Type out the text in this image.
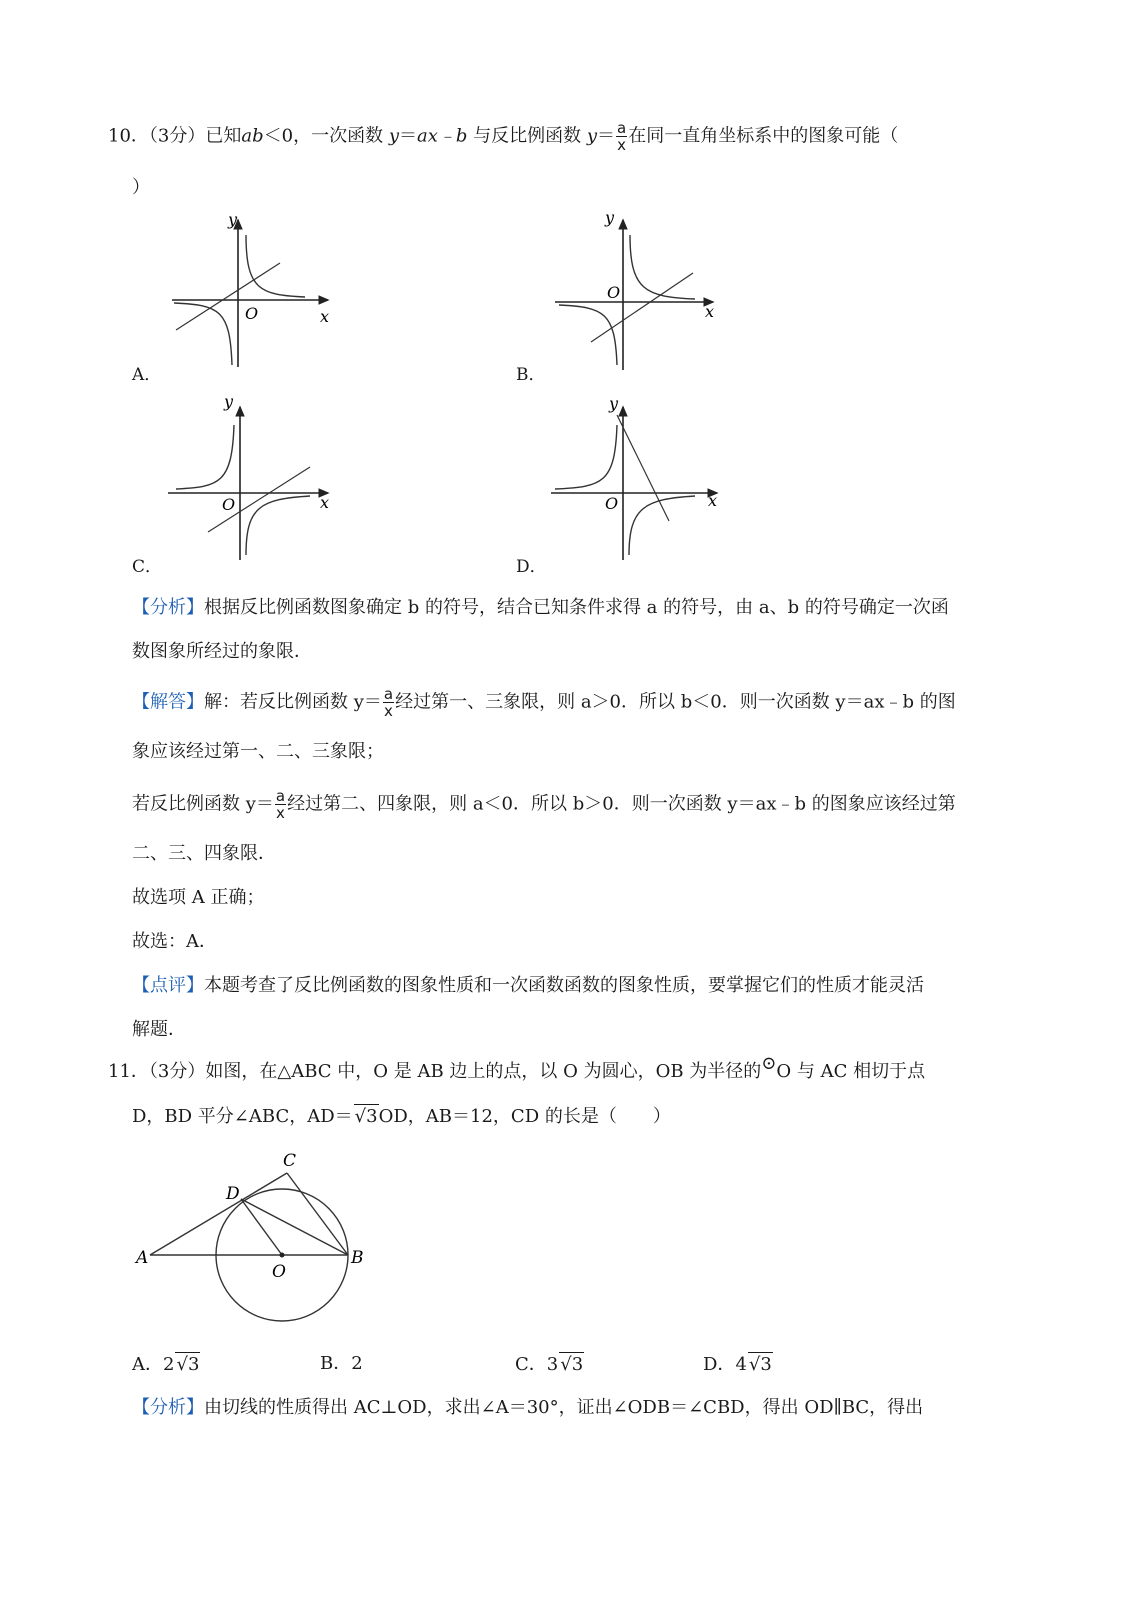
10．（3分）已知ab＜0，一次函数 y＝ax﹣b 与反比例函数 $y= \frac{a}{x}$ 在同一直角坐标系中的图象可能（
）
y
x
O
A．
y
x
O
B．
y
x
O
C．
y
x
O
D．
【分析】根据反比例函数图象确定 b 的符号，结合已知条件求得 a 的符号，由 a、b 的符号确定一次函
数图象所经过的象限．
【解答】解：若反比例函数 $y= \frac{a}{x}$ 经过第一、三象限，则 a＞0．所以 b＜0．则一次函数 y＝ax﹣b 的图
象应该经过第一、二、三象限；
若反比例函数 $y= \frac{a}{x}$ 经过第二、四象限，则 a＜0．所以 b＞0．则一次函数 y＝ax﹣b 的图象应该经过第
二、三、四象限．
故选项 A 正确；
故选：A．
【点评】本题考查了反比例函数的图象性质和一次函数函数的图象性质，要掌握它们的性质才能灵活
解题．
11．（3分）如图，在△ABC 中，O 是 AB 边上的点，以 O 为圆心，OB 为半径的⊙O 与 AC 相切于点
D，BD 平分∠ABC，AD＝ √3OD，AB＝12，CD 的长是（　　）
A	B
C
D
O
A．2 √3	B．2	C．3 √3	D．4 √3
【分析】由切线的性质得出 AC⊥OD，求出∠A＝30°，证出∠ODB＝∠CBD，得出 OD∥BC，得出
